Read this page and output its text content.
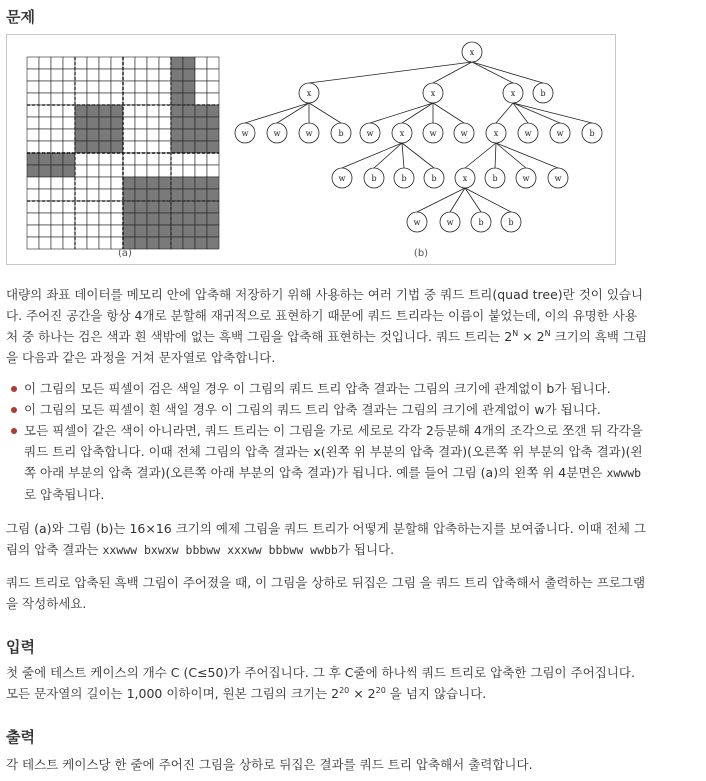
문제
(a)
x
x	x	x	b
w	w	w	b	w	x	w	w	x	w	w	b
w	b	b	b	x	b	w	w
w	w	b	b
(b)
대량의 좌표 데이터를 메모리 안에 압축해 저장하기 위해 사용하는 여러 기법 중 쿼드 트리(quad tree)란 것이 있습니
다. 주어진 공간을 항상 4개로 분할해 재귀적으로 표현하기 때문에 쿼드 트리라는 이름이 붙었는데, 이의 유명한 사용
처 중 하나는 검은 색과 흰 색밖에 없는 흑백 그림을 압축해 표현하는 것입니다. 쿼드 트리는 $2^N \times 2^N$ 크기의 흑백 그림
을 다음과 같은 과정을 거쳐 문자열로 압축합니다.
이 그림의 모든 픽셀이 검은 색일 경우 이 그림의 쿼드 트리 압축 결과는 그림의 크기에 관계없이 b가 됩니다.
이 그림의 모든 픽셀이 흰 색일 경우 이 그림의 쿼드 트리 압축 결과는 그림의 크기에 관계없이 w가 됩니다.
모든 픽셀이 같은 색이 아니라면, 쿼드 트리는 이 그림을 가로 세로로 각각 2등분해 4개의 조각으로 쪼갠 뒤 각각을
쿼드 트리 압축합니다. 이때 전체 그림의 압축 결과는 x(왼쪽 위 부분의 압축 결과)(오른쪽 위 부분의 압축 결과)(왼
쪽 아래 부분의 압축 결과)(오른쪽 아래 부분의 압축 결과)가 됩니다. 예를 들어 그림 (a)의 왼쪽 위 4분면은 xwwwb
로 압축됩니다.
그림 (a)와 그림 (b)는 16×16 크기의 예제 그림을 쿼드 트리가 어떻게 분할해 압축하는지를 보여줍니다. 이때 전체 그
림의 압축 결과는 xxwww bxwxw bbbww xxxww bbbww wwbb가 됩니다.
쿼드 트리로 압축된 흑백 그림이 주어졌을 때, 이 그림을 상하로 뒤집은 그림 을 쿼드 트리 압축해서 출력하는 프로그램
을 작성하세요.
입력
첫 줄에 테스트 케이스의 개수 C (C≤50)가 주어집니다. 그 후 C줄에 하나씩 쿼드 트리로 압축한 그림이 주어집니다.
모든 문자열의 길이는 1,000 이하이며, 원본 그림의 크기는 $2^{20} \times 2^{20}$ 을 넘지 않습니다.
출력
각 테스트 케이스당 한 줄에 주어진 그림을 상하로 뒤집은 결과를 쿼드 트리 압축해서 출력합니다.
